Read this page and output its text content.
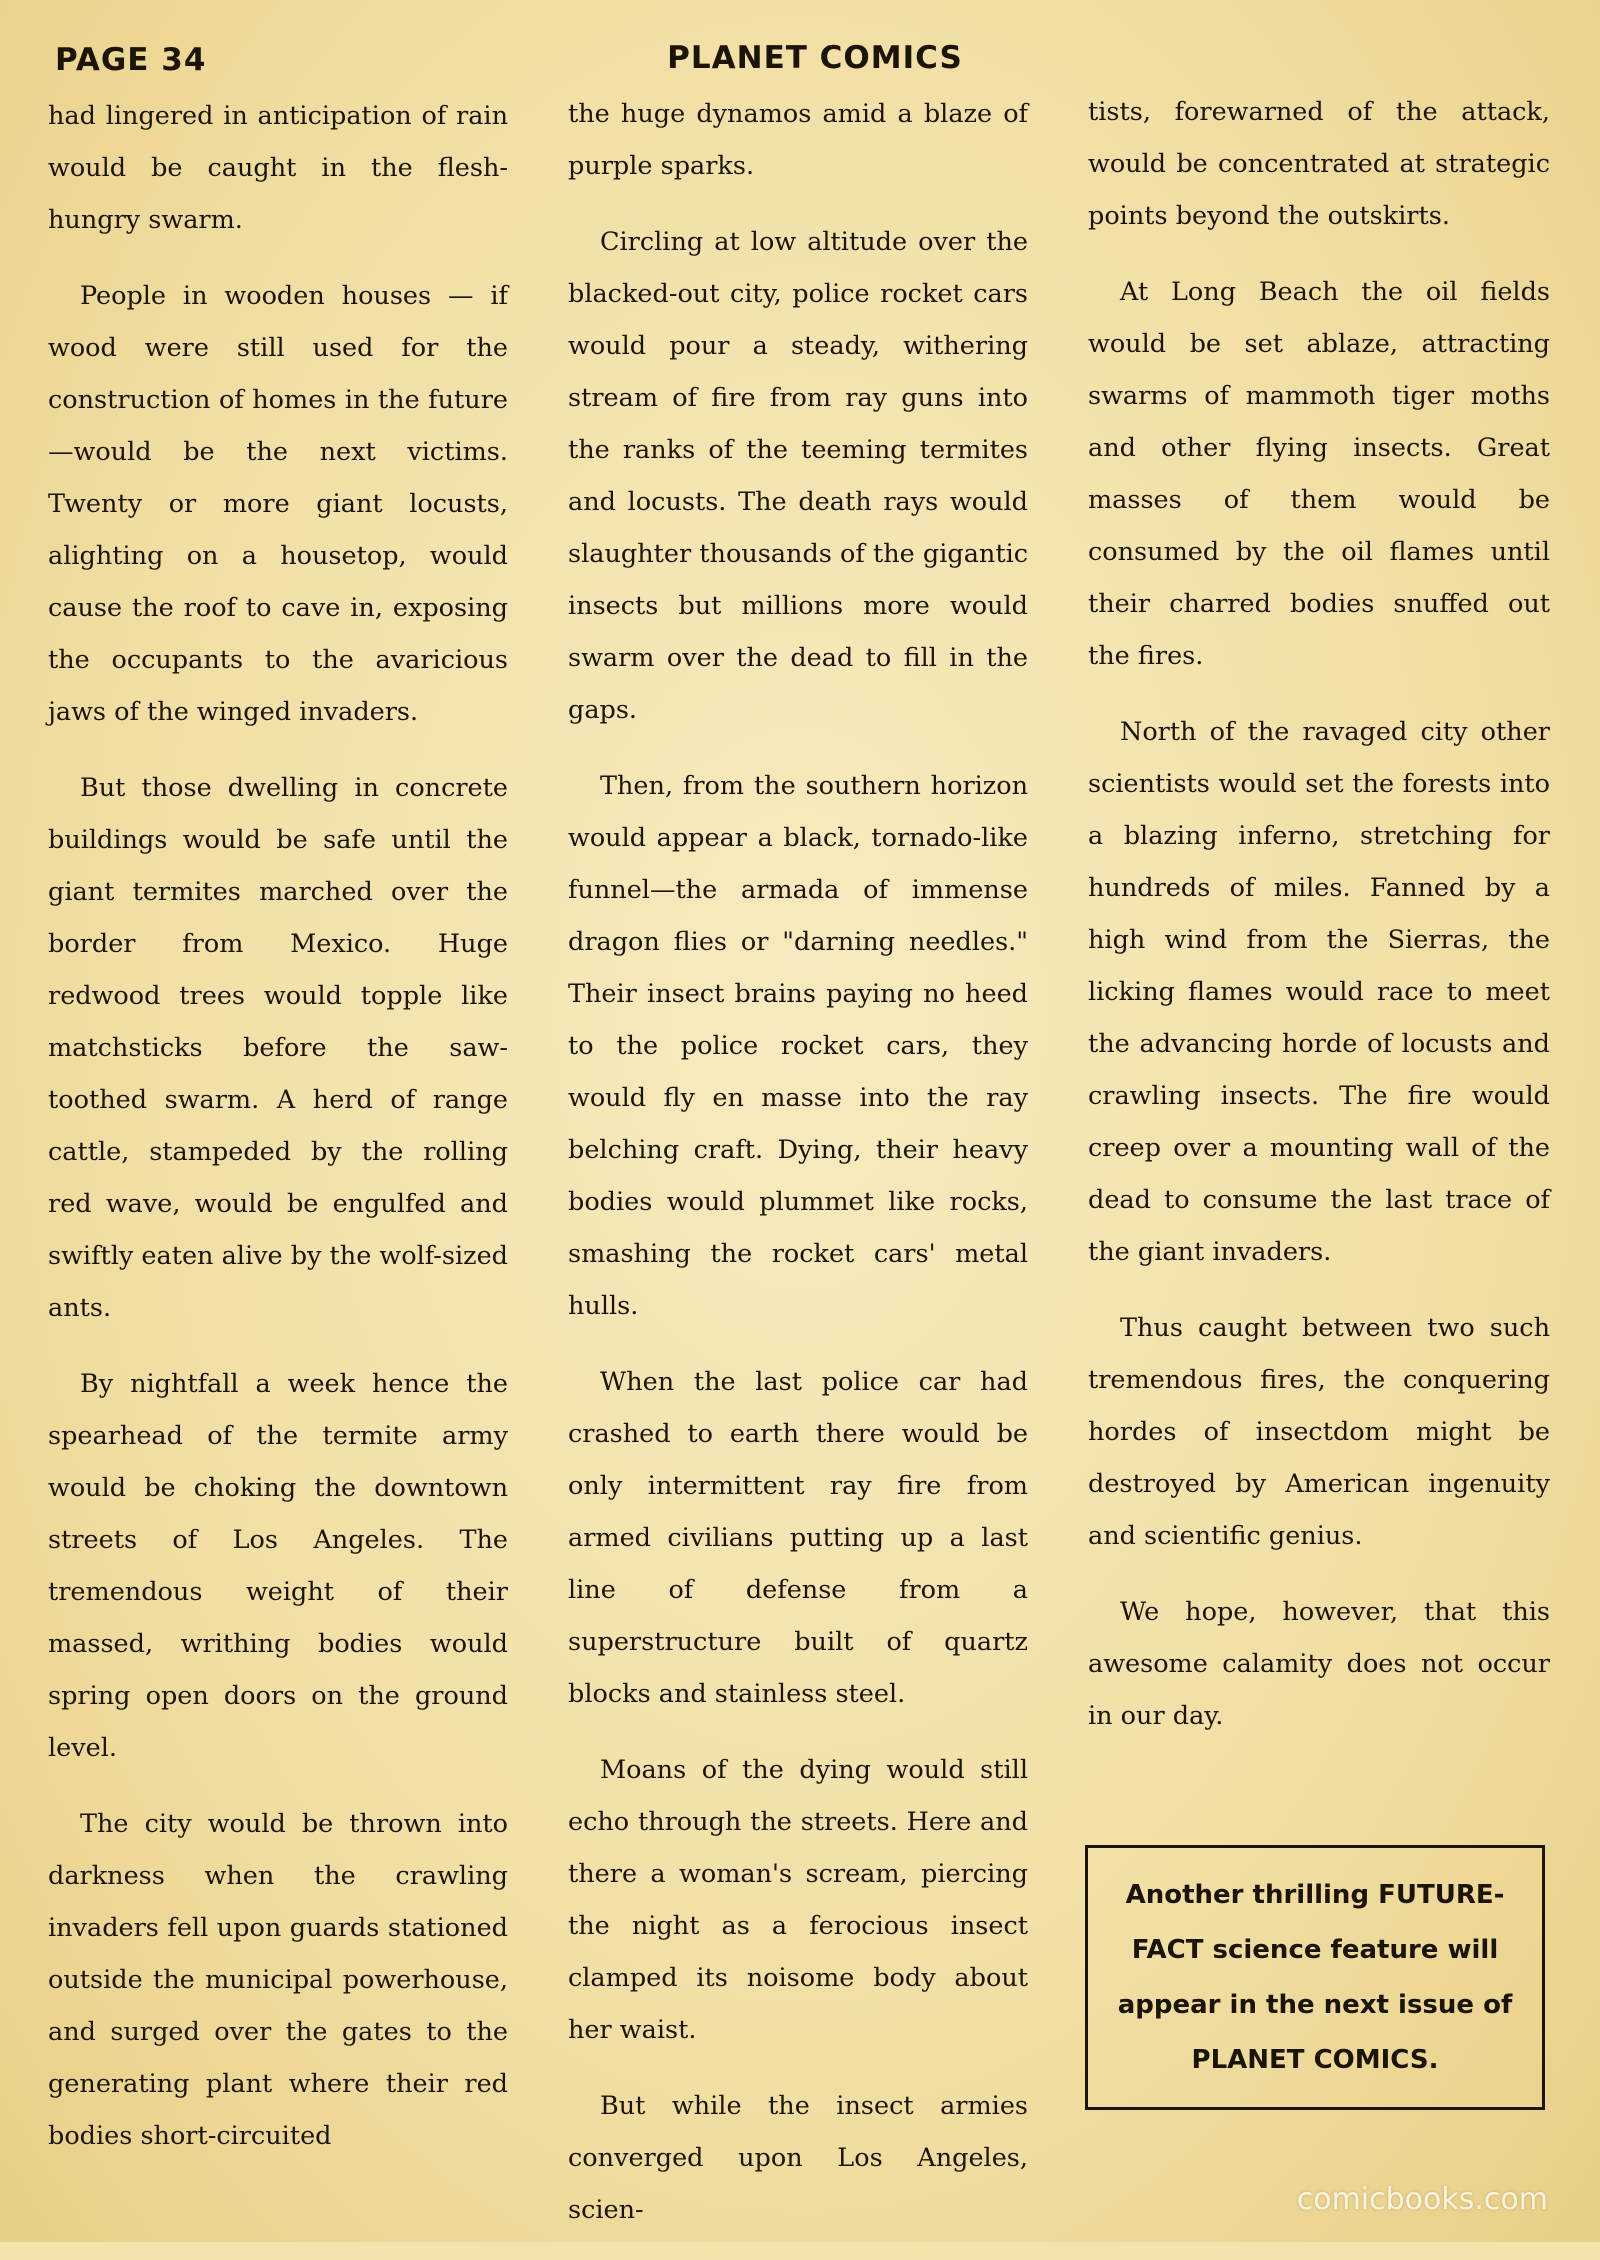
PAGE 34	PLANET COMICS

had lingered in anticipation of rain would be caught in the flesh-hungry swarm.

People in wooden houses — if wood were still used for the construction of homes in the future—would be the next victims. Twenty or more giant locusts, alighting on a housetop, would cause the roof to cave in, exposing the occupants to the avaricious jaws of the winged invaders.

But those dwelling in concrete buildings would be safe until the giant termites marched over the border from Mexico. Huge redwood trees would topple like matchsticks before the saw-toothed swarm. A herd of range cattle, stampeded by the rolling red wave, would be engulfed and swiftly eaten alive by the wolf-sized ants.

By nightfall a week hence the spearhead of the termite army would be choking the downtown streets of Los Angeles. The tremendous weight of their massed, writhing bodies would spring open doors on the ground level.

The city would be thrown into darkness when the crawling invaders fell upon guards stationed outside the municipal powerhouse, and surged over the gates to the generating plant where their red bodies short-circuited

the huge dynamos amid a blaze of purple sparks.

Circling at low altitude over the blacked-out city, police rocket cars would pour a steady, withering stream of fire from ray guns into the ranks of the teeming termites and locusts. The death rays would slaughter thousands of the gigantic insects but millions more would swarm over the dead to fill in the gaps.

Then, from the southern horizon would appear a black, tornado-like funnel—the armada of immense dragon flies or "darning needles." Their insect brains paying no heed to the police rocket cars, they would fly en masse into the ray belching craft. Dying, their heavy bodies would plummet like rocks, smashing the rocket cars' metal hulls.

When the last police car had crashed to earth there would be only intermittent ray fire from armed civilians putting up a last line of defense from a superstructure built of quartz blocks and stainless steel.

Moans of the dying would still echo through the streets. Here and there a woman's scream, piercing the night as a ferocious insect clamped its noisome body about her waist.

But while the insect armies converged upon Los Angeles, scien-

tists, forewarned of the attack, would be concentrated at strategic points beyond the outskirts.

At Long Beach the oil fields would be set ablaze, attracting swarms of mammoth tiger moths and other flying insects. Great masses of them would be consumed by the oil flames until their charred bodies snuffed out the fires.

North of the ravaged city other scientists would set the forests into a blazing inferno, stretching for hundreds of miles. Fanned by a high wind from the Sierras, the licking flames would race to meet the advancing horde of locusts and crawling insects. The fire would creep over a mounting wall of the dead to consume the last trace of the giant invaders.

Thus caught between two such tremendous fires, the conquering hordes of insectdom might be destroyed by American ingenuity and scientific genius.

We hope, however, that this awesome calamity does not occur in our day.

Another thrilling FUTURE-FACT science feature will appear in the next issue of PLANET COMICS.

comicbooks.com
